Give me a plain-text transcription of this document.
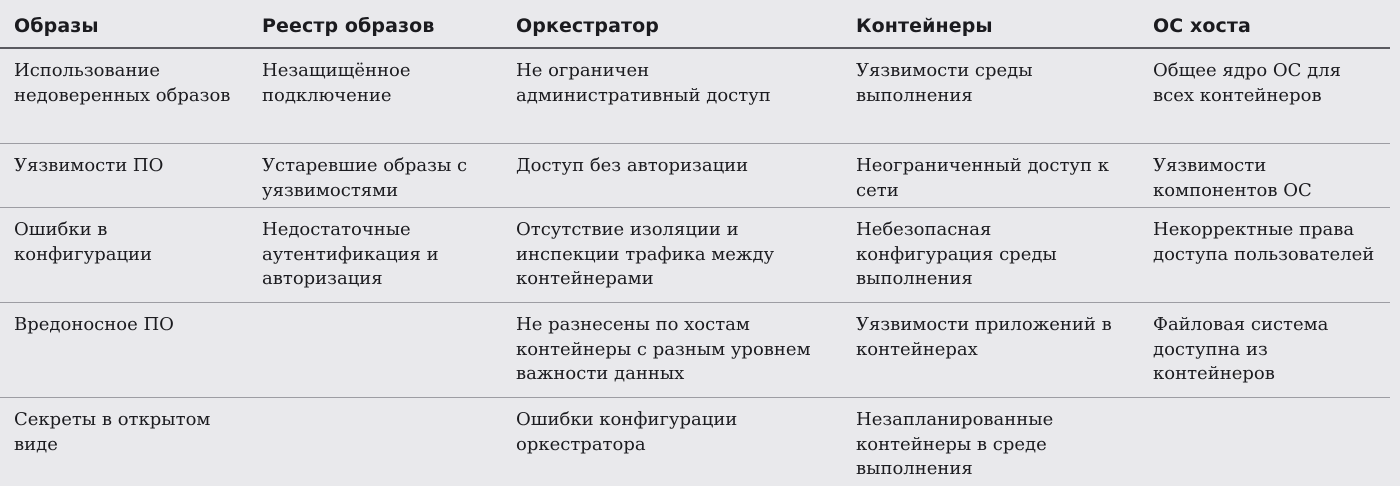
Образы	Реестр образов	Оркестратор	Контейнеры	ОС хоста
Использование недоверенных образов	Незащищённое подключение	Не ограничен административный доступ	Уязвимости среды выполнения	Общее ядро ОС для всех контейнеров
Уязвимости ПО	Устаревшие образы с уязвимостями	Доступ без авторизации	Неограниченный доступ к сети	Уязвимости компонентов ОС
Ошибки в конфигурации	Недостаточные аутентификация и авторизация	Отсутствие изоляции и инспекции трафика между контейнерами	Небезопасная конфигурация среды выполнения	Некорректные права доступа пользователей
Вредоносное ПО		Не разнесены по хостам контейнеры с разным уровнем важности данных	Уязвимости приложений в контейнерах	Файловая система доступна из контейнеров
Секреты в открытом виде		Ошибки конфигурации оркестратора	Незапланированные контейнеры в среде выполнения	
